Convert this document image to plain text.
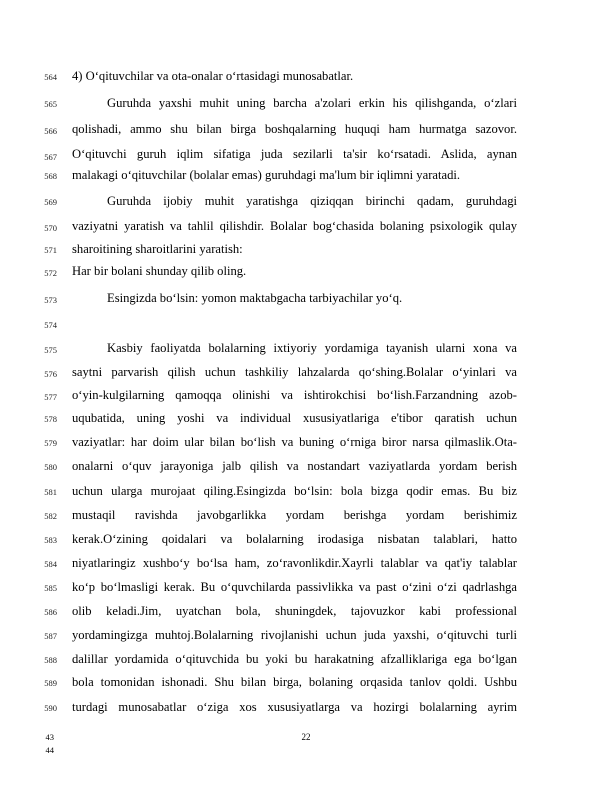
564
565
566
567
568
569
570
571
572
573
574
575
576
577
578
579
580
581
582
583
584
585
586
587
588
589
590
4) O‘qituvchilar va ota-onalar o‘rtasidagi munosabatlar.
Guruhda yaxshi muhit uning barcha a'zolari erkin his qilishganda, o‘zlari
qolishadi, ammo shu bilan birga boshqalarning huquqi ham hurmatga sazovor.
O‘qituvchi guruh iqlim sifatiga juda sezilarli ta'sir ko‘rsatadi. Aslida, aynan
malakagi o‘qituvchilar (bolalar emas) guruhdagi ma'lum bir iqlimni yaratadi.
Guruhda ijobiy muhit yaratishga qiziqqan birinchi qadam, guruhdagi
vaziyatni yaratish va tahlil qilishdir. Bolalar bog‘chasida bolaning psixologik qulay
sharoitining sharoitlarini yaratish:
Har bir bolani shunday qilib oling.
Esingizda bo‘lsin: yomon maktabgacha tarbiyachilar yo‘q.
Kasbiy faoliyatda bolalarning ixtiyoriy yordamiga tayanish ularni xona va
saytni parvarish qilish uchun tashkiliy lahzalarda qo‘shing.Bolalar o‘yinlari va
o‘yin-kulgilarning qamoqqa olinishi va ishtirokchisi bo‘lish.Farzandning azob-
uqubatida, uning yoshi va individual xususiyatlariga e'tibor qaratish uchun
vaziyatlar: har doim ular bilan bo‘lish va buning o‘rniga biror narsa qilmaslik.Ota-
onalarni o‘quv jarayoniga jalb qilish va nostandart vaziyatlarda yordam berish
uchun ularga murojaat qiling.Esingizda bo‘lsin: bola bizga qodir emas. Bu biz
mustaqil ravishda javobgarlikka yordam berishga yordam berishimiz
kerak.O‘zining qoidalari va bolalarning irodasiga nisbatan talablari, hatto
niyatlaringiz xushbo‘y bo‘lsa ham, zo‘ravonlikdir.Xayrli talablar va qat'iy talablar
ko‘p bo‘lmasligi kerak. Bu o‘quvchilarda passivlikka va past o‘zini o‘zi qadrlashga
olib keladi.Jim, uyatchan bola, shuningdek, tajovuzkor kabi professional
yordamingizga muhtoj.Bolalarning rivojlanishi uchun juda yaxshi, o‘qituvchi turli
dalillar yordamida o‘qituvchida bu yoki bu harakatning afzalliklariga ega bo‘lgan
bola tomonidan ishonadi. Shu bilan birga, bolaning orqasida tanlov qoldi. Ushbu
turdagi munosabatlar o‘ziga xos xususiyatlarga va hozirgi bolalarning ayrim
43
44
22
